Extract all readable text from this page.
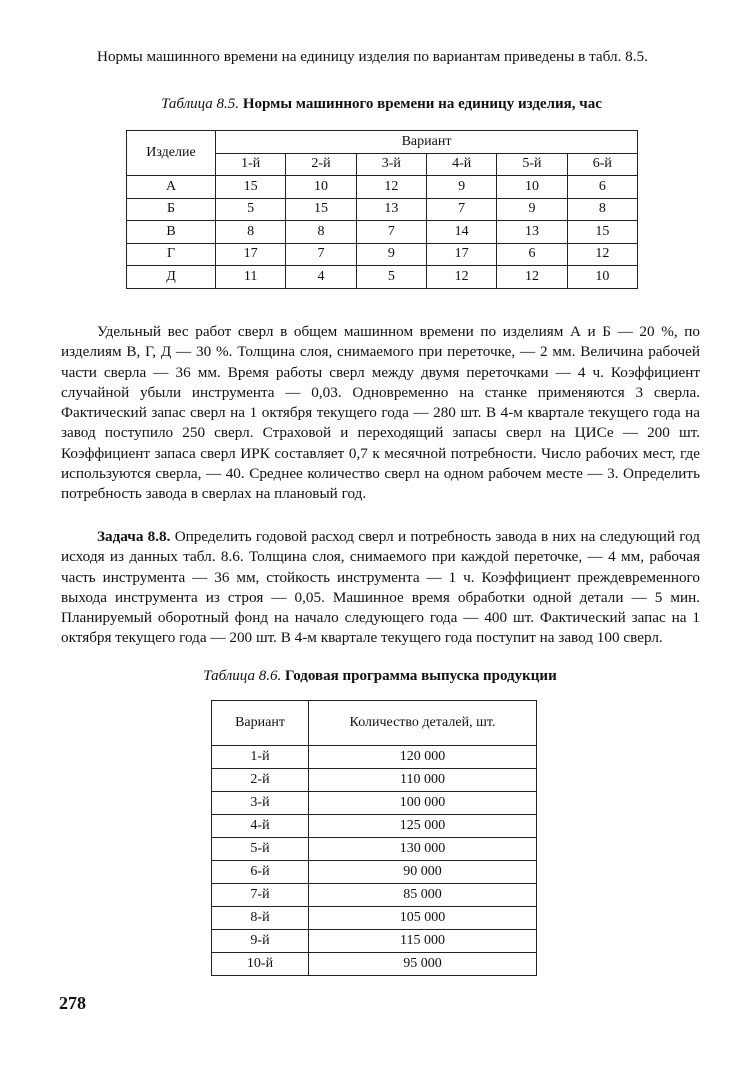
Нормы машинного времени на единицу изделия по вариантам приведены в табл. 8.5.

Таблица 8.5. Нормы машинного времени на единицу изделия, час

Изделие	Вариант					
	1-й	2-й	3-й	4-й	5-й	6-й
А	15	10	12	9	10	6
Б	5	15	13	7	9	8
В	8	8	7	14	13	15
Г	17	7	9	17	6	12
Д	11	4	5	12	12	10

Удельный вес работ сверл в общем машинном времени по изделиям А и Б — 20 %, по изделиям В, Г, Д — 30 %. Толщина слоя, снимаемого при переточке, — 2 мм. Величина рабочей части сверла — 36 мм. Время работы сверл между двумя переточками — 4 ч. Коэффициент случайной убыли инструмента — 0,03. Одновременно на станке применяются 3 сверла. Фактический запас сверл на 1 октября текущего года — 280 шт. В 4-м квартале текущего года на завод поступило 250 сверл. Страховой и переходящий запасы сверл на ЦИСе — 200 шт. Коэффициент запаса сверл ИРК составляет 0,7 к месячной потребности. Число рабочих мест, где используются сверла, — 40. Среднее количество сверл на одном рабочем месте — 3. Определить потребность завода в сверлах на плановый год.

Задача 8.8. Определить годовой расход сверл и потребность завода в них на следующий год исходя из данных табл. 8.6. Толщина слоя, снимаемого при каждой переточке, — 4 мм, рабочая часть инструмента — 36 мм, стойкость инструмента — 1 ч. Коэффициент преждевременного выхода инструмента из строя — 0,05. Машинное время обработки одной детали — 5 мин. Планируемый оборотный фонд на начало следующего года — 400 шт. Фактический запас на 1 октября текущего года — 200 шт. В 4-м квартале текущего года поступит на завод 100 сверл.

Таблица 8.6. Годовая программа выпуска продукции

Вариант	Количество деталей, шт.
1-й	120 000
2-й	110 000
3-й	100 000
4-й	125 000
5-й	130 000
6-й	90 000
7-й	85 000
8-й	105 000
9-й	115 000
10-й	95 000
278
